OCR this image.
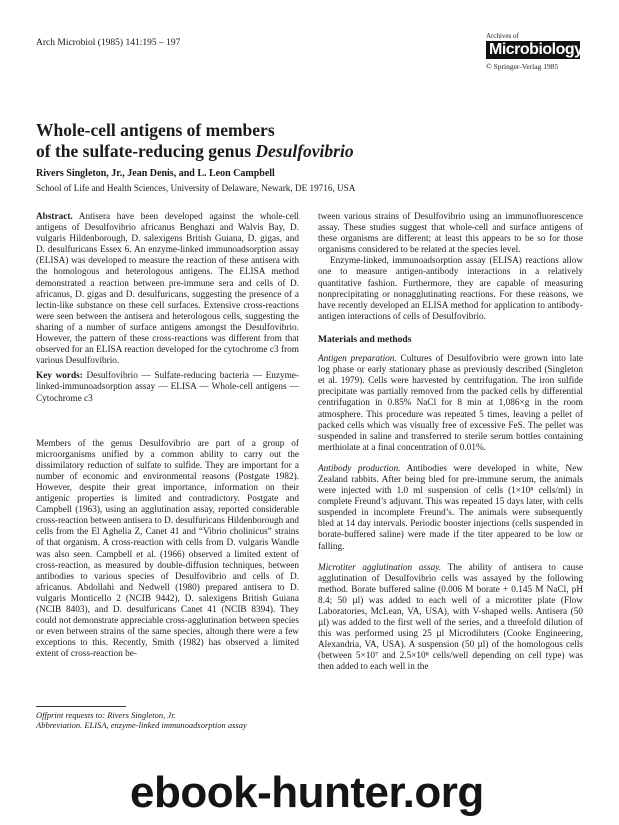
Arch Microbiol (1985) 141:195 – 197
Archives of
Microbiology
© Springer-Verlag 1985
Whole-cell antigens of members
of the sulfate-reducing genus Desulfovibrio
Rivers Singleton, Jr., Jean Denis, and L. Leon Campbell
School of Life and Health Sciences, University of Delaware, Newark, DE 19716, USA

Abstract. Antisera have been developed against the whole-cell antigens of Desulfovibrio africanus Benghazi and Walvis Bay, D. vulgaris Hildenborough, D. salexigens British Guiana, D. gigas, and D. desulfuricans Essex 6. An enzyme-linked immunoadsorption assay (ELISA) was developed to measure the reaction of these antisera with the homologous and heterologous antigens. The ELISA method demonstrated a reaction between pre-immune sera and cells of D. africanus, D. gigas and D. desulfuricans, suggesting the presence of a lectin-like substance on these cell surfaces. Extensive cross-reactions were seen between the antisera and heterologous cells, suggesting the sharing of a number of surface antigens amongst the Desulfovibrio. However, the pattern of these cross-reactions was different from that observed for an ELISA reaction developed for the cytochrome c3 from various Desulfovibrio.

Key words: Desulfovibrio — Sulfate-reducing bacteria — Enzyme-linked-immunoadsorption assay — ELISA — Whole-cell antigens — Cytochrome c3

Members of the genus Desulfovibrio are part of a group of microorganisms unified by a common ability to carry out the dissimilatory reduction of sulfate to sulfide. They are important for a number of economic and environmental reasons (Postgate 1982). However, despite their great importance, information on their antigenic properties is limited and contradictory. Postgate and Campbell (1963), using an agglutination assay, reported considerable cross-reaction between antisera to D. desulfuricans Hildenborough and cells from the El Aghelia Z, Canet 41 and “Vibrio cholinicus” strains of that organism. A cross-reaction with cells from D. vulgaris Wandle was also seen. Campbell et al. (1966) observed a limited extent of cross-reaction, as measured by double-diffusion techniques, between antibodies to various species of Desulfovibrio and cells of D. africanus. Abdollahi and Nedwell (1980) prepared antisera to D. vulgaris Monticello 2 (NCIB 9442), D. salexigens British Guiana (NCIB 8403), and D. desulfuricans Canet 41 (NCIB 8394). They could not demonstrate appreciable cross-agglutination between species or even between strains of the same species, altough there were a few exceptions to this. Recently, Smith (1982) has observed a limited extent of cross-reaction be-

Offprint requests to: Rivers Singleton, Jr.
Abbreviation. ELISA, enzyme-linked immunoadsorption assay

tween various strains of Desulfovibrio using an immunofluorescence assay. These studies suggest that whole-cell and surface antigens of these organisms are different; at least this appears to be so for those organisms considered to be related at the species level.

Enzyme-linked, immunoadsorption assay (ELISA) reactions allow one to measure antigen-antibody interactions in a relatively quantitative fashion. Furthermore, they are capable of measuring nonprecipitating or nonagglutinating reactions. For these reasons, we have recently developed an ELISA method for application to antibody-antigen interactions of cells of Desulfovibrio.

Materials and methods

Antigen preparation. Cultures of Desulfovibrio were grown into late log phase or early stationary phase as previously described (Singleton et al. 1979). Cells were harvested by centrifugation. The iron sulfide precipitate was partially removed from the packed cells by differential centrifugation in 0.85% NaCl for 8 min at 1,086×g in the room atmosphere. This procedure was repeated 5 times, leaving a pellet of packed cells which was visually free of excessive FeS. The pellet was suspended in saline and transferred to sterile serum bottles containing merthiolate at a final concentration of 0.01%.

Antibody production. Antibodies were developed in white, New Zealand rabbits. After being bled for pre-immune serum, the animals were injected with 1.0 ml suspension of cells (1×10⁸ cells/ml) in complete Freund’s adjuvant. This was repeated 15 days later, with cells suspended in incomplete Freund’s. The animals were subsequently bled at 14 day intervals. Periodic booster injections (cells suspended in borate-buffered saline) were made if the titer appeared to be low or falling.

Microtiter agglutination assay. The ability of antisera to cause agglutination of Desulfovibrio cells was assayed by the following method. Borate buffered saline (0.006 M borate + 0.145 M NaCl, pH 8.4; 50 µl) was added to each well of a microtiter plate (Flow Laboratories, McLean, VA, USA), with V-shaped wells. Antisera (50 µl) was added to the first well of the series, and a threefold dilution of this was performed using 25 µl Microdiluters (Cooke Engineering, Alexandria, VA, USA). A suspension (50 µl) of the homologous cells (between 5×10⁷ and 2.5×10⁸ cells/well depending on cell type) was then added to each well in the

ebook-hunter.org
